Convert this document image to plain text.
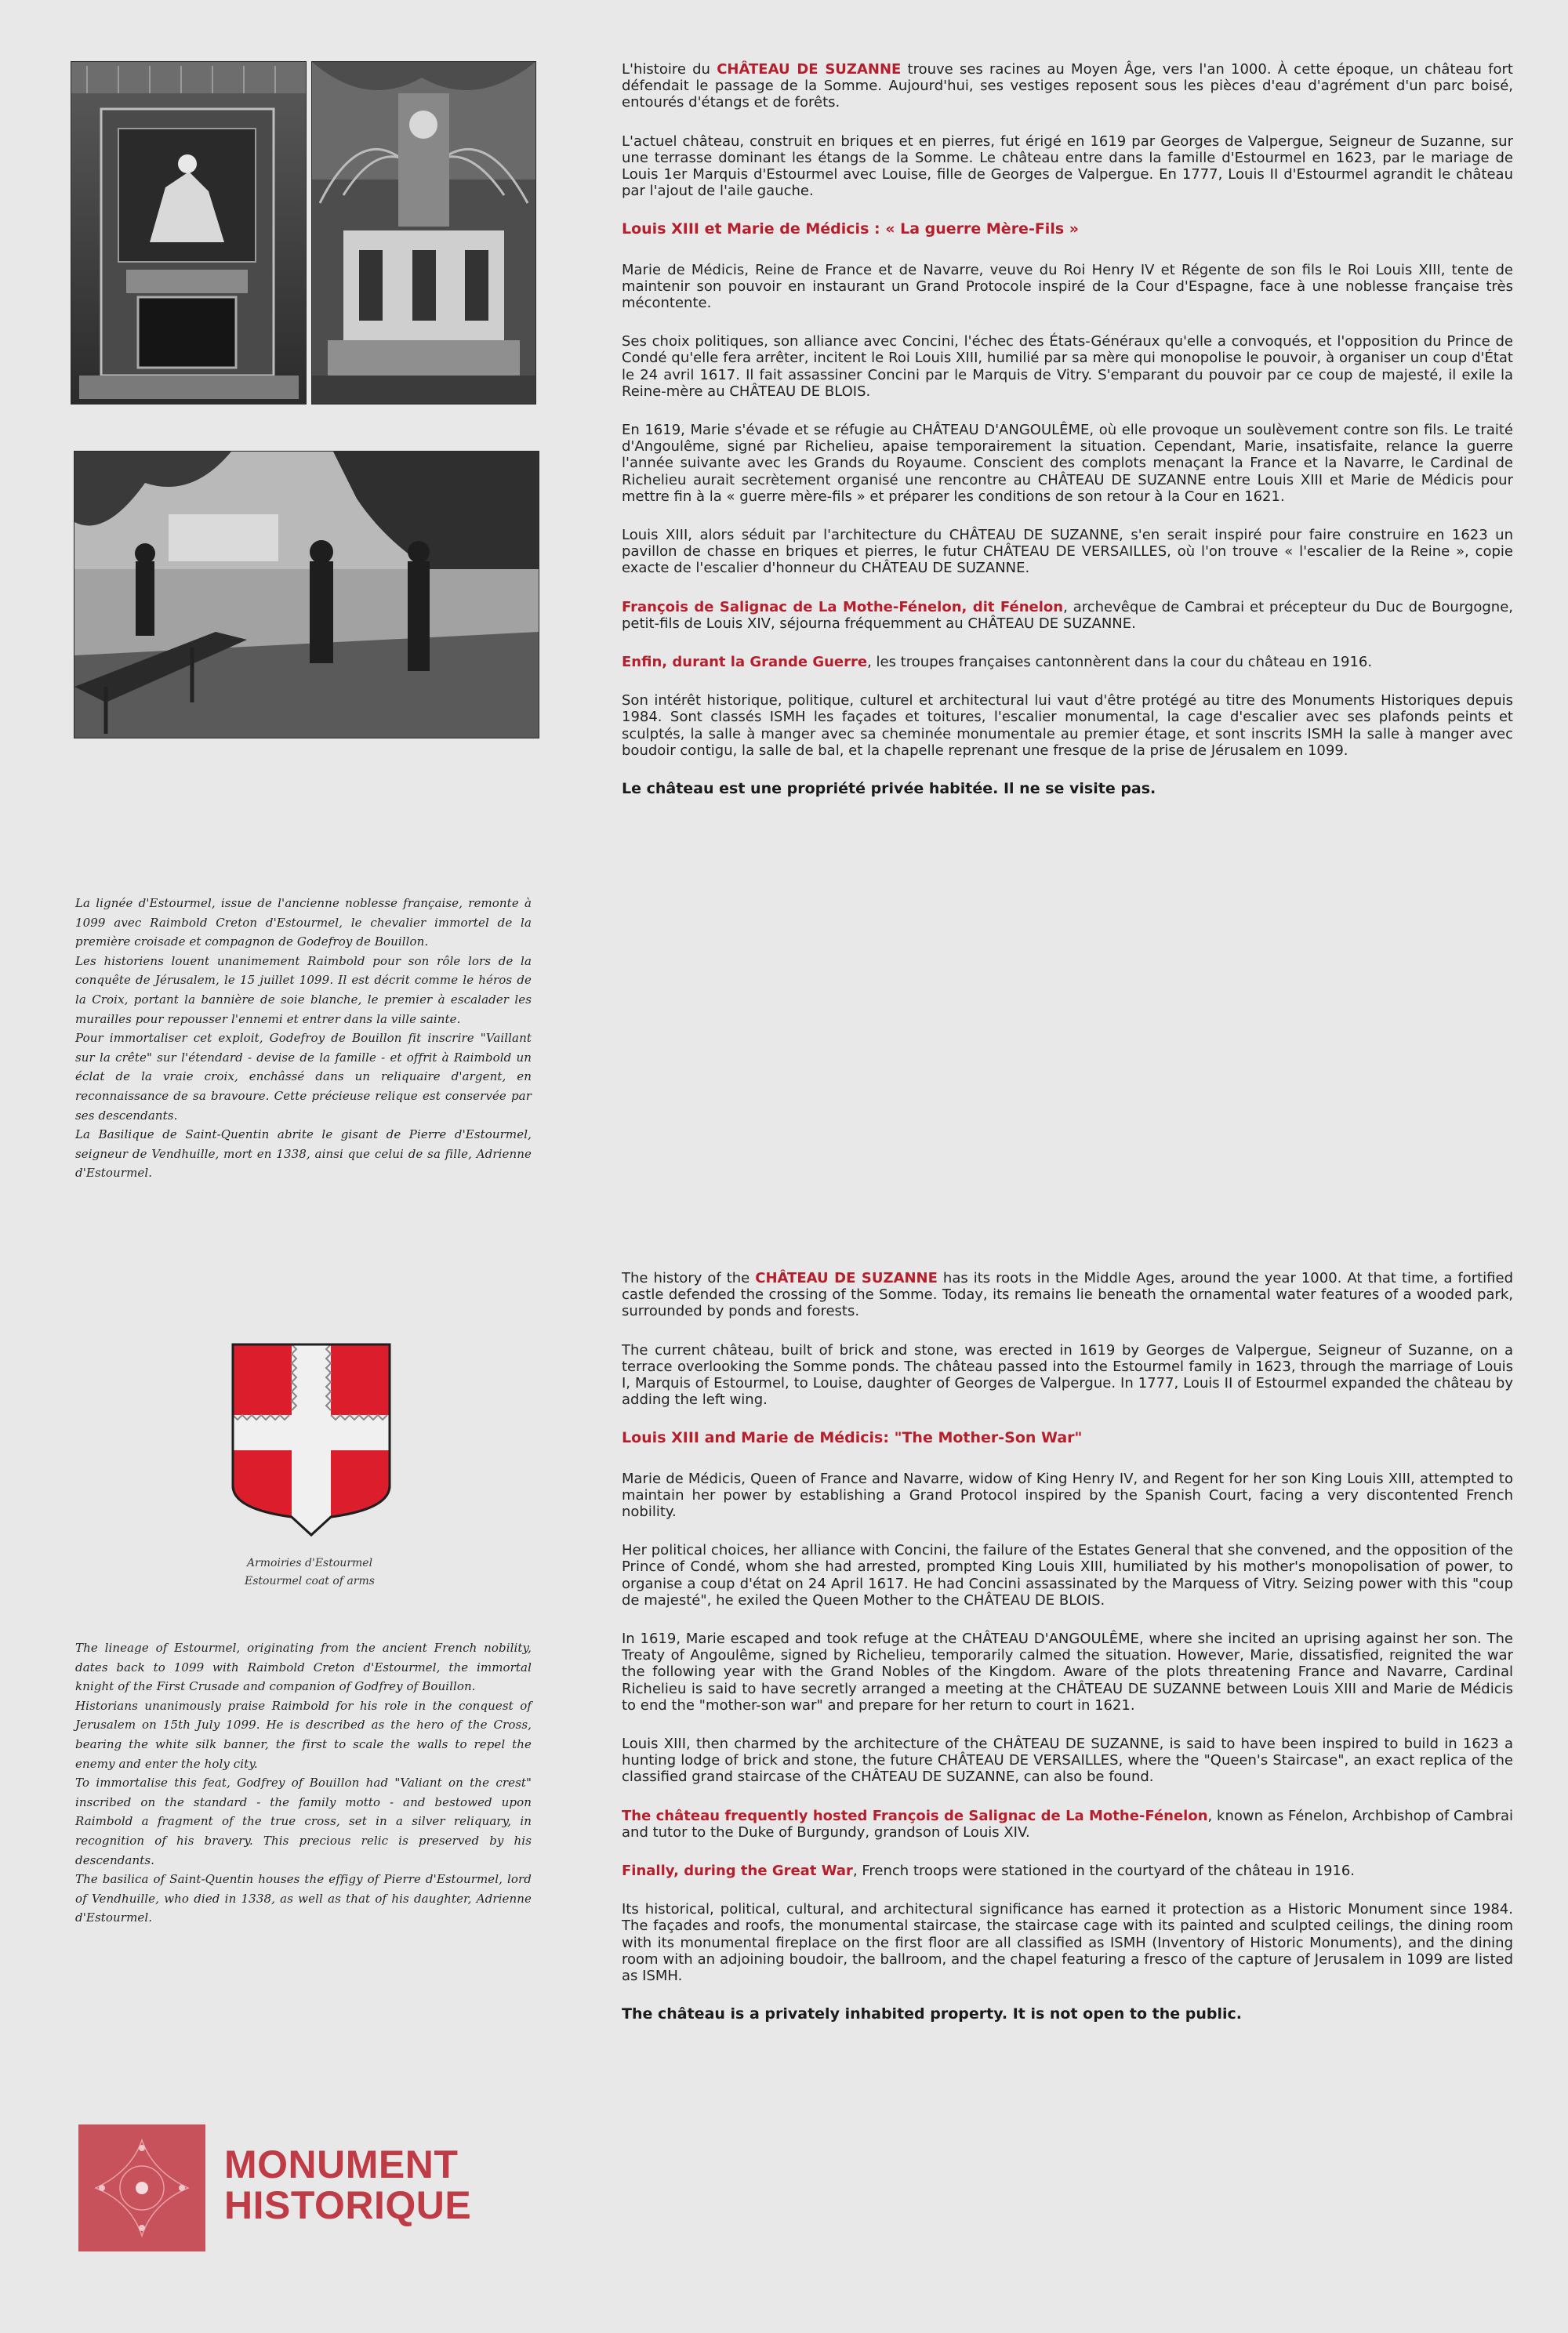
La lignée d'Estourmel, issue de l'ancienne noblesse française, remonte à 1099 avec Raimbold Creton d'Estourmel, le chevalier immortel de la première croisade et compagnon de Godefroy de Bouillon.

Les historiens louent unanimement Raimbold pour son rôle lors de la conquête de Jérusalem, le 15 juillet 1099. Il est décrit comme le héros de la Croix, portant la bannière de soie blanche, le premier à escalader les murailles pour repousser l'ennemi et entrer dans la ville sainte.

Pour immortaliser cet exploit, Godefroy de Bouillon fit inscrire "Vaillant sur la crête" sur l'étendard - devise de la famille - et offrit à Raimbold un éclat de la vraie croix, enchâssé dans un reliquaire d'argent, en reconnaissance de sa bravoure. Cette précieuse relique est conservée par ses descendants.

La Basilique de Saint-Quentin abrite le gisant de Pierre d'Estourmel, seigneur de Vendhuille, mort en 1338, ainsi que celui de sa fille, Adrienne d'Estourmel.

Armoiries d'Estourmel
Estourmel coat of arms

The lineage of Estourmel, originating from the ancient French nobility, dates back to 1099 with Raimbold Creton d'Estourmel, the immortal knight of the First Crusade and companion of Godfrey of Bouillon.

Historians unanimously praise Raimbold for his role in the conquest of Jerusalem on 15th July 1099. He is described as the hero of the Cross, bearing the white silk banner, the first to scale the walls to repel the enemy and enter the holy city.

To immortalise this feat, Godfrey of Bouillon had "Valiant on the crest" inscribed on the standard - the family motto - and bestowed upon Raimbold a fragment of the true cross, set in a silver reliquary, in recognition of his bravery. This precious relic is preserved by his descendants.

The basilica of Saint-Quentin houses the effigy of Pierre d'Estourmel, lord of Vendhuille, who died in 1338, as well as that of his daughter, Adrienne d'Estourmel.

MONUMENT
HISTORIQUE

L'histoire du CHÂTEAU DE SUZANNE trouve ses racines au Moyen Âge, vers l'an 1000. À cette époque, un château fort défendait le passage de la Somme. Aujourd'hui, ses vestiges reposent sous les pièces d'eau d'agrément d'un parc boisé, entourés d'étangs et de forêts.

L'actuel château, construit en briques et en pierres, fut érigé en 1619 par Georges de Valpergue, Seigneur de Suzanne, sur une terrasse dominant les étangs de la Somme. Le château entre dans la famille d'Estourmel en 1623, par le mariage de Louis 1er Marquis d'Estourmel avec Louise, fille de Georges de Valpergue. En 1777, Louis II d'Estourmel agrandit le château par l'ajout de l'aile gauche.

Louis XIII et Marie de Médicis : « La guerre Mère-Fils »

Marie de Médicis, Reine de France et de Navarre, veuve du Roi Henry IV et Régente de son fils le Roi Louis XIII, tente de maintenir son pouvoir en instaurant un Grand Protocole inspiré de la Cour d'Espagne, face à une noblesse française très mécontente.

Ses choix politiques, son alliance avec Concini, l'échec des États-Généraux qu'elle a convoqués, et l'opposition du Prince de Condé qu'elle fera arrêter, incitent le Roi Louis XIII, humilié par sa mère qui monopolise le pouvoir, à organiser un coup d'État le 24 avril 1617. Il fait assassiner Concini par le Marquis de Vitry. S'emparant du pouvoir par ce coup de majesté, il exile la Reine-mère au CHÂTEAU DE BLOIS.

En 1619, Marie s'évade et se réfugie au CHÂTEAU D'ANGOULÊME, où elle provoque un soulèvement contre son fils. Le traité d'Angoulême, signé par Richelieu, apaise temporairement la situation. Cependant, Marie, insatisfaite, relance la guerre l'année suivante avec les Grands du Royaume. Conscient des complots menaçant la France et la Navarre, le Cardinal de Richelieu aurait secrètement organisé une rencontre au CHÂTEAU DE SUZANNE entre Louis XIII et Marie de Médicis pour mettre fin à la « guerre mère-fils » et préparer les conditions de son retour à la Cour en 1621.

Louis XIII, alors séduit par l'architecture du CHÂTEAU DE SUZANNE, s'en serait inspiré pour faire construire en 1623 un pavillon de chasse en briques et pierres, le futur CHÂTEAU DE VERSAILLES, où l'on trouve « l'escalier de la Reine », copie exacte de l'escalier d'honneur du CHÂTEAU DE SUZANNE.

François de Salignac de La Mothe-Fénelon, dit Fénelon, archevêque de Cambrai et précepteur du Duc de Bourgogne, petit-fils de Louis XIV, séjourna fréquemment au CHÂTEAU DE SUZANNE.

Enfin, durant la Grande Guerre, les troupes françaises cantonnèrent dans la cour du château en 1916.

Son intérêt historique, politique, culturel et architectural lui vaut d'être protégé au titre des Monuments Historiques depuis 1984. Sont classés ISMH les façades et toitures, l'escalier monumental, la cage d'escalier avec ses plafonds peints et sculptés, la salle à manger avec sa cheminée monumentale au premier étage, et sont inscrits ISMH la salle à manger avec boudoir contigu, la salle de bal, et la chapelle reprenant une fresque de la prise de Jérusalem en 1099.

Le château est une propriété privée habitée. Il ne se visite pas.

The history of the CHÂTEAU DE SUZANNE has its roots in the Middle Ages, around the year 1000. At that time, a fortified castle defended the crossing of the Somme. Today, its remains lie beneath the ornamental water features of a wooded park, surrounded by ponds and forests.

The current château, built of brick and stone, was erected in 1619 by Georges de Valpergue, Seigneur of Suzanne, on a terrace overlooking the Somme ponds. The château passed into the Estourmel family in 1623, through the marriage of Louis I, Marquis of Estourmel, to Louise, daughter of Georges de Valpergue. In 1777, Louis II of Estourmel expanded the château by adding the left wing.

Louis XIII and Marie de Médicis: "The Mother-Son War"

Marie de Médicis, Queen of France and Navarre, widow of King Henry IV, and Regent for her son King Louis XIII, attempted to maintain her power by establishing a Grand Protocol inspired by the Spanish Court, facing a very discontented French nobility.

Her political choices, her alliance with Concini, the failure of the Estates General that she convened, and the opposition of the Prince of Condé, whom she had arrested, prompted King Louis XIII, humiliated by his mother's monopolisation of power, to organise a coup d'état on 24 April 1617. He had Concini assassinated by the Marquess of Vitry. Seizing power with this "coup de majesté", he exiled the Queen Mother to the CHÂTEAU DE BLOIS.

In 1619, Marie escaped and took refuge at the CHÂTEAU D'ANGOULÊME, where she incited an uprising against her son. The Treaty of Angoulême, signed by Richelieu, temporarily calmed the situation. However, Marie, dissatisfied, reignited the war the following year with the Grand Nobles of the Kingdom. Aware of the plots threatening France and Navarre, Cardinal Richelieu is said to have secretly arranged a meeting at the CHÂTEAU DE SUZANNE between Louis XIII and Marie de Médicis to end the "mother-son war" and prepare for her return to court in 1621.

Louis XIII, then charmed by the architecture of the CHÂTEAU DE SUZANNE, is said to have been inspired to build in 1623 a hunting lodge of brick and stone, the future CHÂTEAU DE VERSAILLES, where the "Queen's Staircase", an exact replica of the classified grand staircase of the CHÂTEAU DE SUZANNE, can also be found.

The château frequently hosted François de Salignac de La Mothe-Fénelon, known as Fénelon, Archbishop of Cambrai and tutor to the Duke of Burgundy, grandson of Louis XIV.

Finally, during the Great War, French troops were stationed in the courtyard of the château in 1916.

Its historical, political, cultural, and architectural significance has earned it protection as a Historic Monument since 1984. The façades and roofs, the monumental staircase, the staircase cage with its painted and sculpted ceilings, the dining room with its monumental fireplace on the first floor are all classified as ISMH (Inventory of Historic Monuments), and the dining room with an adjoining boudoir, the ballroom, and the chapel featuring a fresco of the capture of Jerusalem in 1099 are listed as ISMH.

The château is a privately inhabited property. It is not open to the public.
